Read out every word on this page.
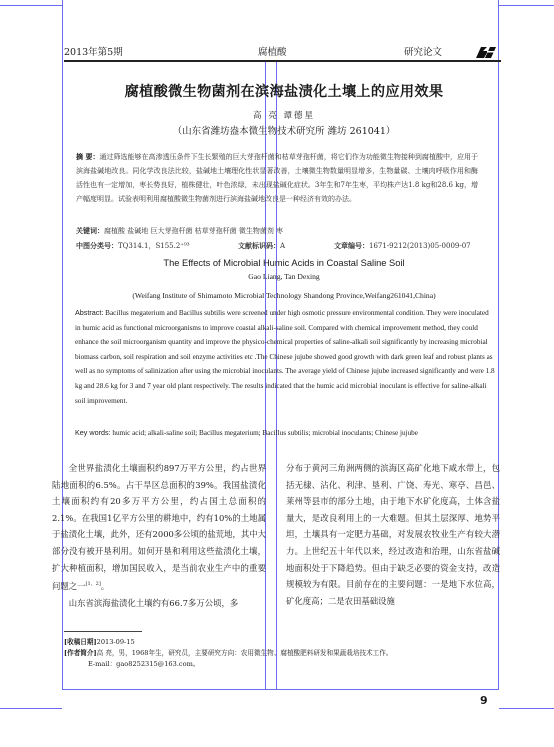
2013年第5期	腐植酸	研究论文
腐植酸微生物菌剂在滨海盐渍化土壤上的应用效果
高 亮 谭德星
（山东省潍坊盎本微生物技术研究所 潍坊 261041）
摘 要：通过筛选能够在高渗透压条件下生长繁殖的巨大芽孢杆菌和枯草芽孢杆菌，将它们作为功能微生物接种到腐植酸中，应用于滨海盐碱地改良。同化学改良法比较，盐碱地土壤理化性状显著改善，土壤微生物数量明显增多，生物量碳、土壤肉呼吸作用和酶活性也有一定增加，枣长势良好，植株健壮，叶色浓绿，未出现盐碱化症状。3年生和7年生枣，平均株产达1.8 kg和28.6 kg，增产幅度明显。试验表明利用腐植酸微生物菌剂进行滨海盐碱地改良是一种经济有效的办法。
关键词：腐植酸 盐碱地 巨大芽孢杆菌 枯草芽孢杆菌 微生物菌剂 枣
中图分类号：TQ314.1，S155.2⁺⁹³	文献标识码：A	文章编号：1671-9212(2013)05-0009-07
The Effects of Microbial Humic Acids in Coastal Saline Soil
Gao Liang, Tan Dexing
(Weifang Institute of Shimamoto Microbial Technology Shandong Province,Weifang261041,China)
Abstract: Bacillus megaterium and Bacillus subtilis were screened under high osmotic pressure environmental condition. They were inoculated in humic acid as functional microorganisms to improve coastal alkali-saline soil. Compared with chemical improvement method, they could enhance the soil microorganism quantity and improve the physico-chemical properties of saline-alkali soil significantly by increasing microbial biomass carbon, soil respiration and soil enzyme activities etc .The Chinese jujube showed good growth with dark green leaf and robust plants as well as no symptoms of salinization after using the microbial inoculants. The average yield of Chinese jujube increased significantly and were 1.8 kg and 28.6 kg for 3 and 7 year old plant respectively. The results indicated that the humic acid microbial inoculant is effective for saline-alkali soil improvement.
Key words: humic acid; alkali-saline soil; Bacillus megaterium; Bacillus subtilis; microbial inoculants; Chinese jujube

全世界盐渍化土壤面积约897万平方公里，约占世界陆地面积的6.5%。占干旱区总面积的39%。我国盐渍化土壤面积约有20多万平方公里，约占国土总面积的2.1%。在我国1亿平方公里的耕地中，约有10%的土地属于盐渍化土壤，此外，还有2000多公顷的盐荒地，其中大部分没有被开垦利用。如何开垦和利用这些盐渍化土壤，扩大种植面积，增加国民收入，是当前农业生产中的重要问题之一[1，2]。

山东省滨海盐渍化土壤约有66.7多万公顷，多

分布于黄河三角洲两侧的滨海区高矿化地下咸水带上，包括无棣、沾化、利津、垦利、广饶、寿光、寒亭、昌邑、莱州等县市的部分土地，由于地下水矿化度高，土体含盐量大，是改良利用上的一大难题。但其土层深厚、地势平坦，土壤具有一定肥力基础，对发展农牧业生产有较大潜力。上世纪五十年代以来，经过改造和治理，山东省盐碱地面积处于下降趋势。但由于缺乏必要的资金支持，改造规模较为有限。目前存在的主要问题：一是地下水位高，矿化度高；二是农田基础设施

[收稿日期]2013-09-15
[作者简介]高 亮，男，1968年生，研究员，主要研究方向：农用微生物、腐植酸肥料研发和果蔬栽培技术工作。
E-mail：gao8252315@163.com。
9
